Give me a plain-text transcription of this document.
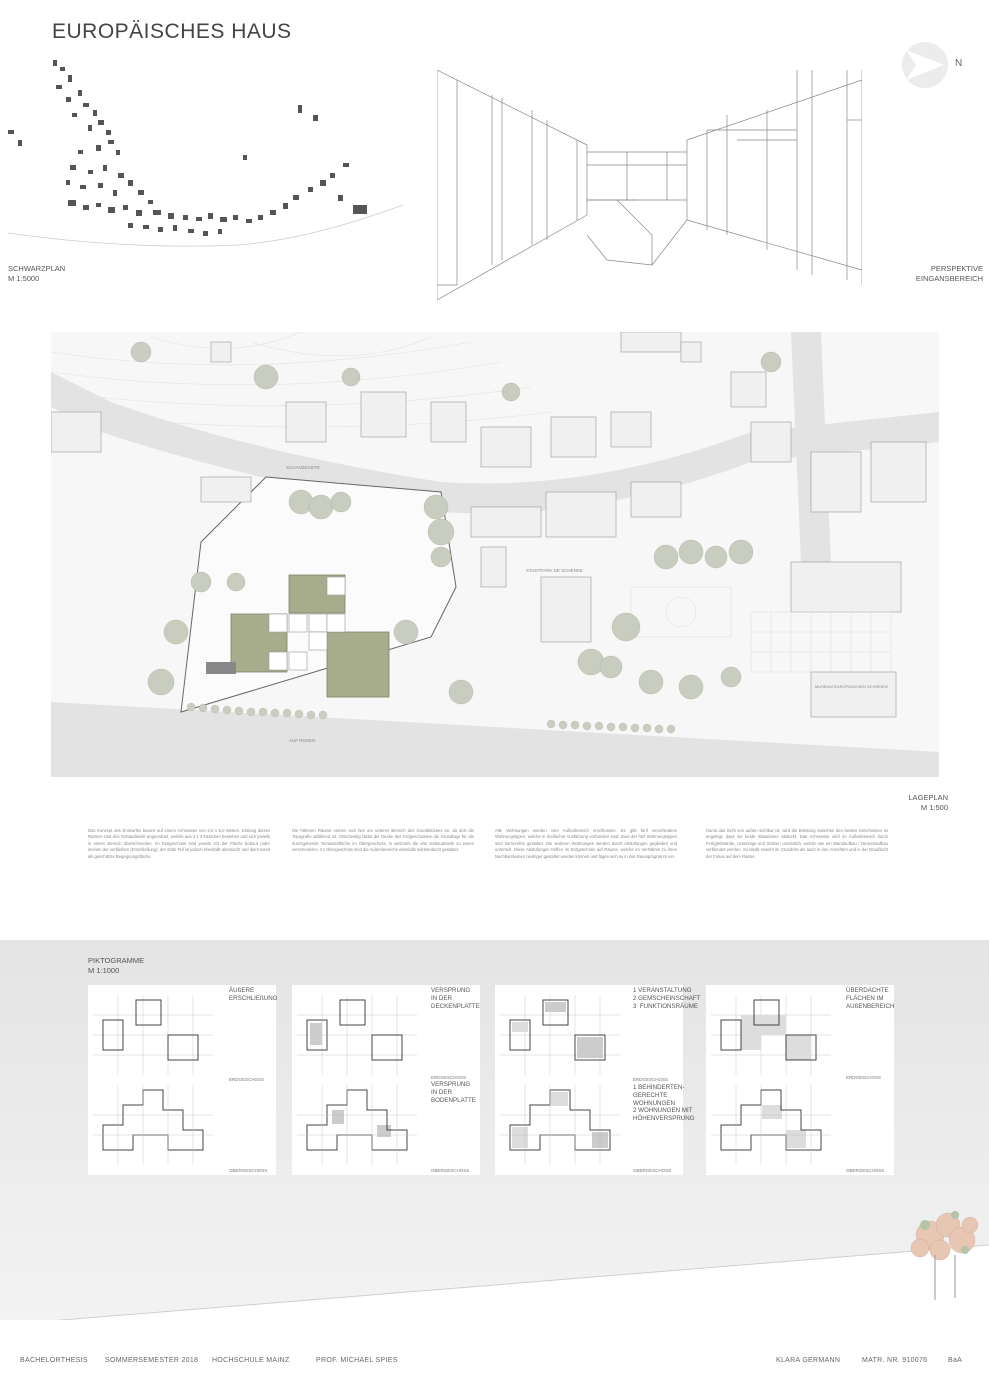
EUROPÄISCHES HAUS
N
SCHWARZPLAN
M 1:5000
PERSPEKTIVE
EINGANSBEREICH
SCHANZENSTR.
STADTPARK DE SCHENKE
AUF ROSEN
MUSEUM EUROPÄISCHEN SCHIENEN
LAGEPLAN
M 1:500
Das Konzept des Entwurfes basiert auf einem Achsraster von 6,0 x 6,0 Metern. Entlang dieses Rasters sind drei Gebäudeteile angeordnet, welche aus 3 x 3 Kästchen bestehen und sich jeweils in einem Bereich überschneiden. Im Erdgeschoss sind jeweils 2/3 der Fläche bebaut (oder ineinen der verbleiben (Erschließung), der dritte Teil ist jedoch ebenfalls überdacht und dient somit als geschützte Begegnungsfläche.
Die höheren Räume ordnen sich hier am unteren Bereich des Grundstückes an, da dort die Topografie abfallend ist. Gleichzeitig bildet die Decke des Erdgeschosses die Grundlage für die durchgehende Terrassenfläche im Obergeschoss, in welchem die drei Gebäudeteile zu einem verschmelzen. Im Obergeschoss sind die Außenbereiche ebenfalls teilüberdacht gestaltet.
Alle Wohnungen werden vom Außenbereich erschlossen. Es gibt fünf verschiedene Wohnungstypen, welche in dreifacher Ausführung vorhanden sind. Zwei der fünf Wohnungstypen sind barrierefrei gestaltet. Die anderen Wohnungen werden durch Abstufungen gegliedert und unterteilt. Diese Abstufungen treffen im Erdgeschoss auf Räume, welche im Verhältnis zu ihren Nachbarräumen niedriger gestaltet werden können und fügen sich so in das Raumprogramm ein.
Damit das nicht von außen sichtbar ist, wird die Brüstung zwischen den beiden Geschossen so angelegt, dass sie beide Situationen abdeckt. Das Achsraster wird im Außenbereich durch Fertigteilwände, Unterzüge und Stützen umrisslich, welche wie ein Wandaufbau / Deckenaufbau verblendet werden. So bleibt sowohl im Grundriss als auch in den Ansichten und in der Draufsicht der Fokus auf dem Raster.
PIKTOGRAMME
M 1:1000
ÄUßERE
ERSCHLIEßUNG
ERDGESCHOSS
OBERGESCHOSS
VERSPRUNG
IN DER
DECKENPLATTE
ERDGESCHOSS
VERSPRUNG
IN DER
BODENPLATTE
OBERGESCHOSS
1 VERANSTALTUNG
2 GEMSCHEINSCHAFT
3  FUNKTIONSRÄUME
ERDGESCHOSS
1 BEHINDERTEN-
GERECHTE
WOHNUNGEN
2 WOHNUNGEN MIT
HÖHENVERSPRUNG
OBERGESCHOSS
ÜBERDACHTE
FLÄCHEN IM
AUßENBEREICH
ERDGESCHOSS
OBERGESCHOSS
BACHELORTHESIS SOMMERSEMESTER 2018 HOCHSCHULE MAINZ	PROF. MICHAEL SPIES	KLARA GERMANN	MATR. NR. 910076	BaA
